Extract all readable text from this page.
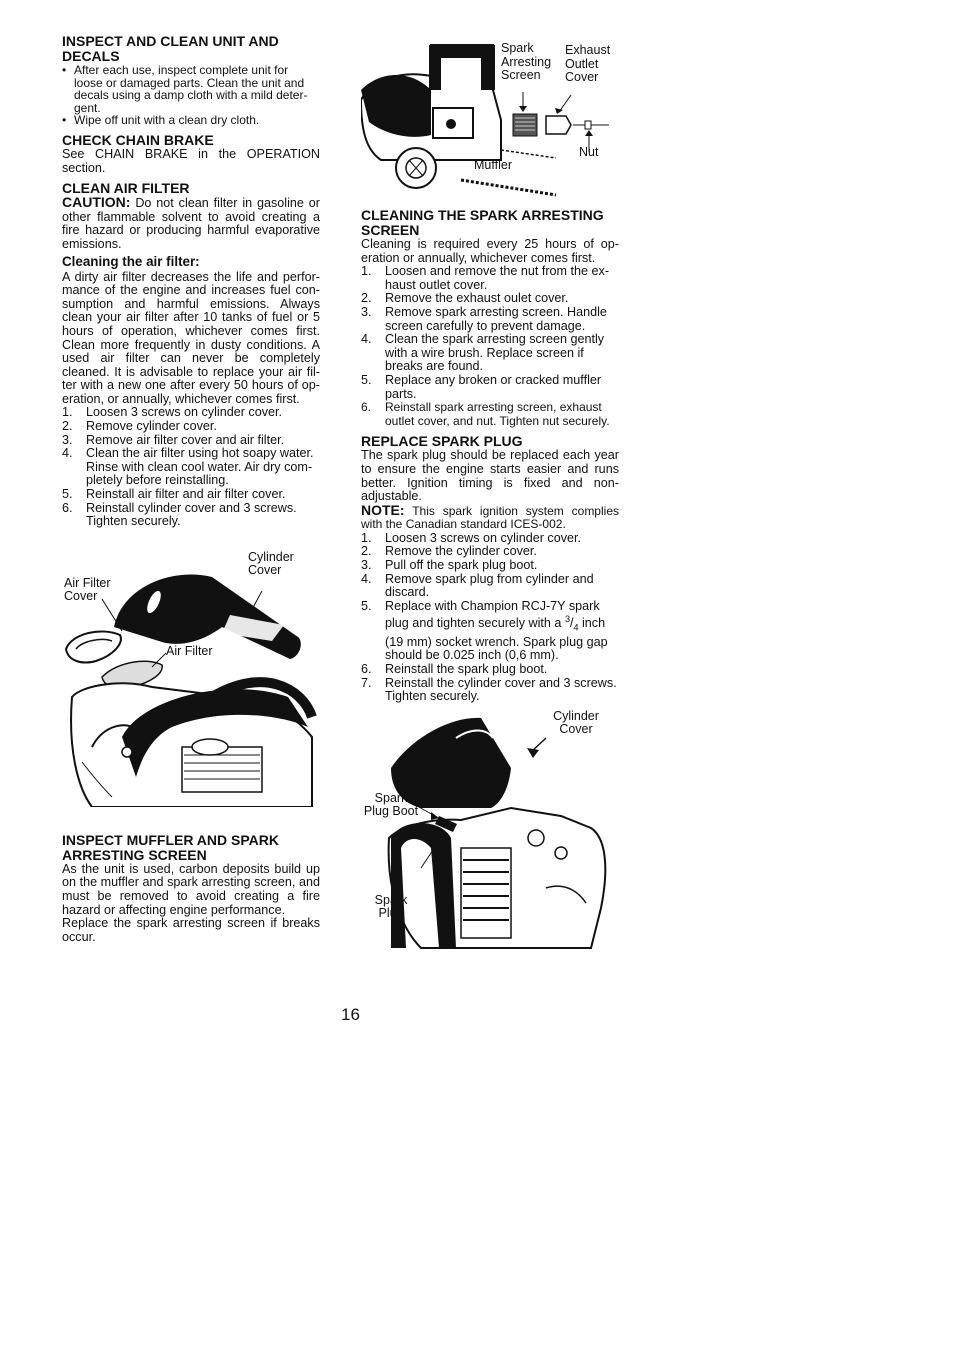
INSPECT AND CLEAN UNIT AND DECALS
• After each use, inspect complete unit for loose or damaged parts. Clean the unit and decals using a damp cloth with a mild detergent.
• Wipe off unit with a clean dry cloth.
CHECK CHAIN BRAKE

See CHAIN BRAKE in the OPERATION section.

CLEAN AIR FILTER

CAUTION: Do not clean filter in gasoline or other flammable solvent to avoid creating a fire hazard or producing harmful evaporative emissions.

Cleaning the air filter:

A dirty air filter decreases the life and performance of the engine and increases fuel consumption and harmful emissions. Always clean your air filter after 10 tanks of fuel or 5 hours of operation, whichever comes first. Clean more frequently in dusty conditions. A used air filter can never be completely cleaned. It is advisable to replace your air filter with a new one after every 50 hours of operation, or annually, whichever comes first.

1. Loosen 3 screws on cylinder cover.
2. Remove cylinder cover.
3. Remove air filter cover and air filter.
4. Clean the air filter using hot soapy water. Rinse with clean cool water. Air dry completely before reinstalling.
5. Reinstall air filter and air filter cover.
6. Reinstall cylinder cover and 3 screws. Tighten securely.
Air Filter Cover
Cylinder Cover
Air Filter
INSPECT MUFFLER AND SPARK ARRESTING SCREEN

As the unit is used, carbon deposits build up on the muffler and spark arresting screen, and must be removed to avoid creating a fire hazard or affecting engine performance.

Replace the spark arresting screen if breaks occur.

Spark Arresting Screen
Exhaust Outlet Cover
Nut
Muffler
CLEANING THE SPARK ARRESTING SCREEN

Cleaning is required every 25 hours of operation or annually, whichever comes first.

1. Loosen and remove the nut from the exhaust outlet cover.
2. Remove the exhaust oulet cover.
3. Remove spark arresting screen. Handle screen carefully to prevent damage.
4. Clean the spark arresting screen gently with a wire brush. Replace screen if breaks are found.
5. Replace any broken or cracked muffler parts.
6. Reinstall spark arresting screen, exhaust outlet cover, and nut. Tighten nut securely.
REPLACE SPARK PLUG

The spark plug should be replaced each year to ensure the engine starts easier and runs better. Ignition timing is fixed and nonadjustable.

NOTE: This spark ignition system complies with the Canadian standard ICES-002.

1. Loosen 3 screws on cylinder cover.
2. Remove the cylinder cover.
3. Pull off the spark plug boot.
4. Remove spark plug from cylinder and discard.
5. Replace with Champion RCJ-7Y spark plug and tighten securely with a $^3/_4$ inch (19 mm) socket wrench. Spark plug gap should be 0.025 inch (0,6 mm).
6. Reinstall the spark plug boot.
7. Reinstall the cylinder cover and 3 screws. Tighten securely.
Cylinder Cover
Spark Plug Boot
Spark Plug
16
